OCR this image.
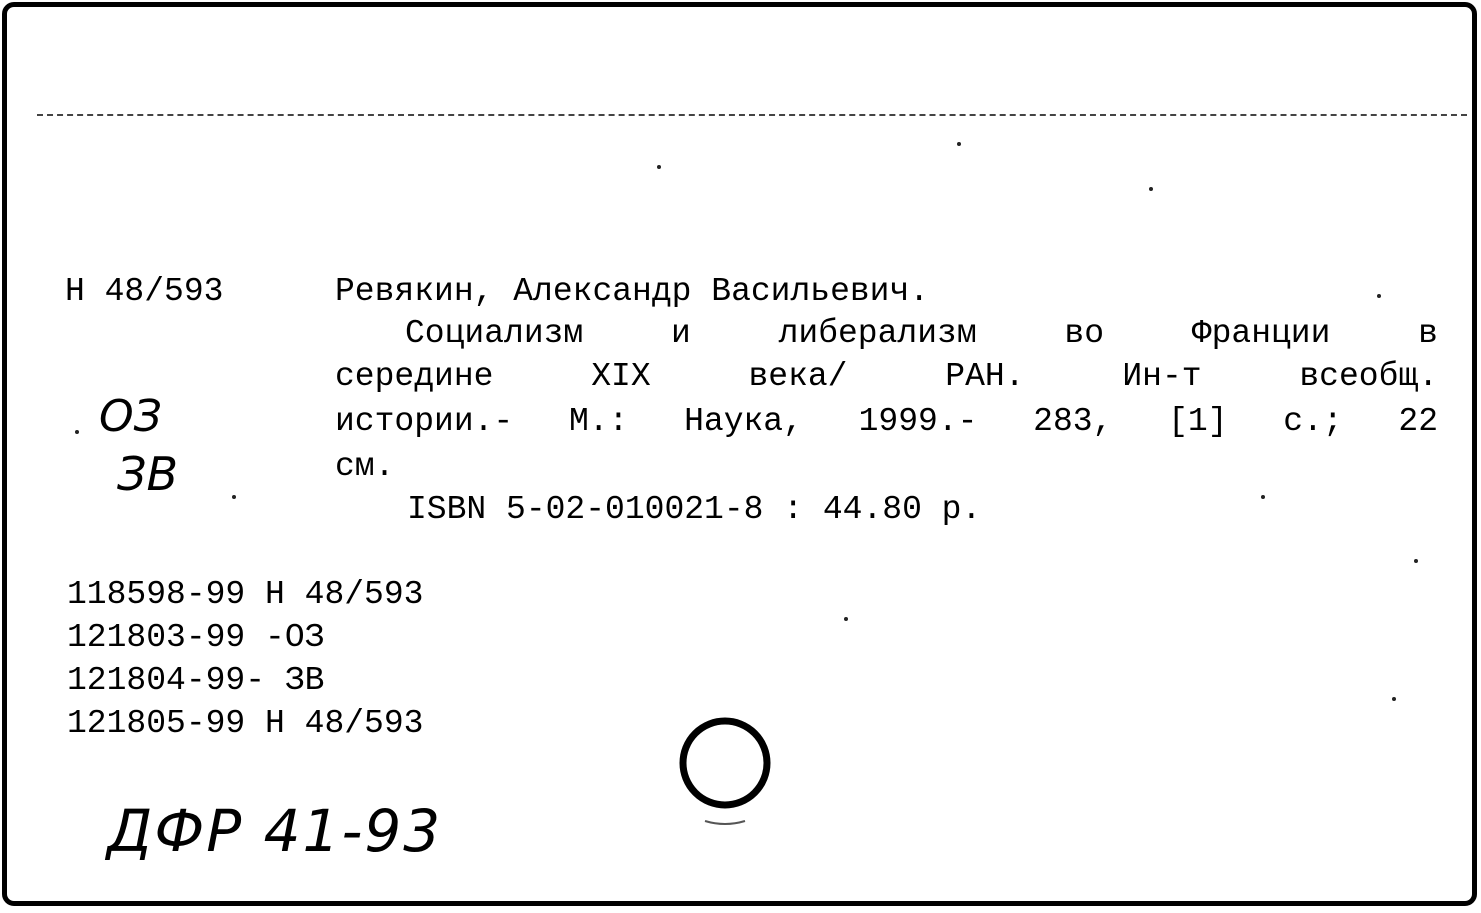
Н 48/593	Ревякин, Александр Васильевич.
Социализм и либерализм во Франции в
середине XIX века/ РАН. Ин-т всеобщ.
истории.- М.: Наука, 1999.- 283, [1] с.; 22
см.
ISBN 5-02-010021-8 : 44.80 р.
118598-99 Н 48/593
121803-99 -ОЗ
121804-99- ЗВ
121805-99 Н 48/593
ОЗ
ЗВ
ДФР 41-93
